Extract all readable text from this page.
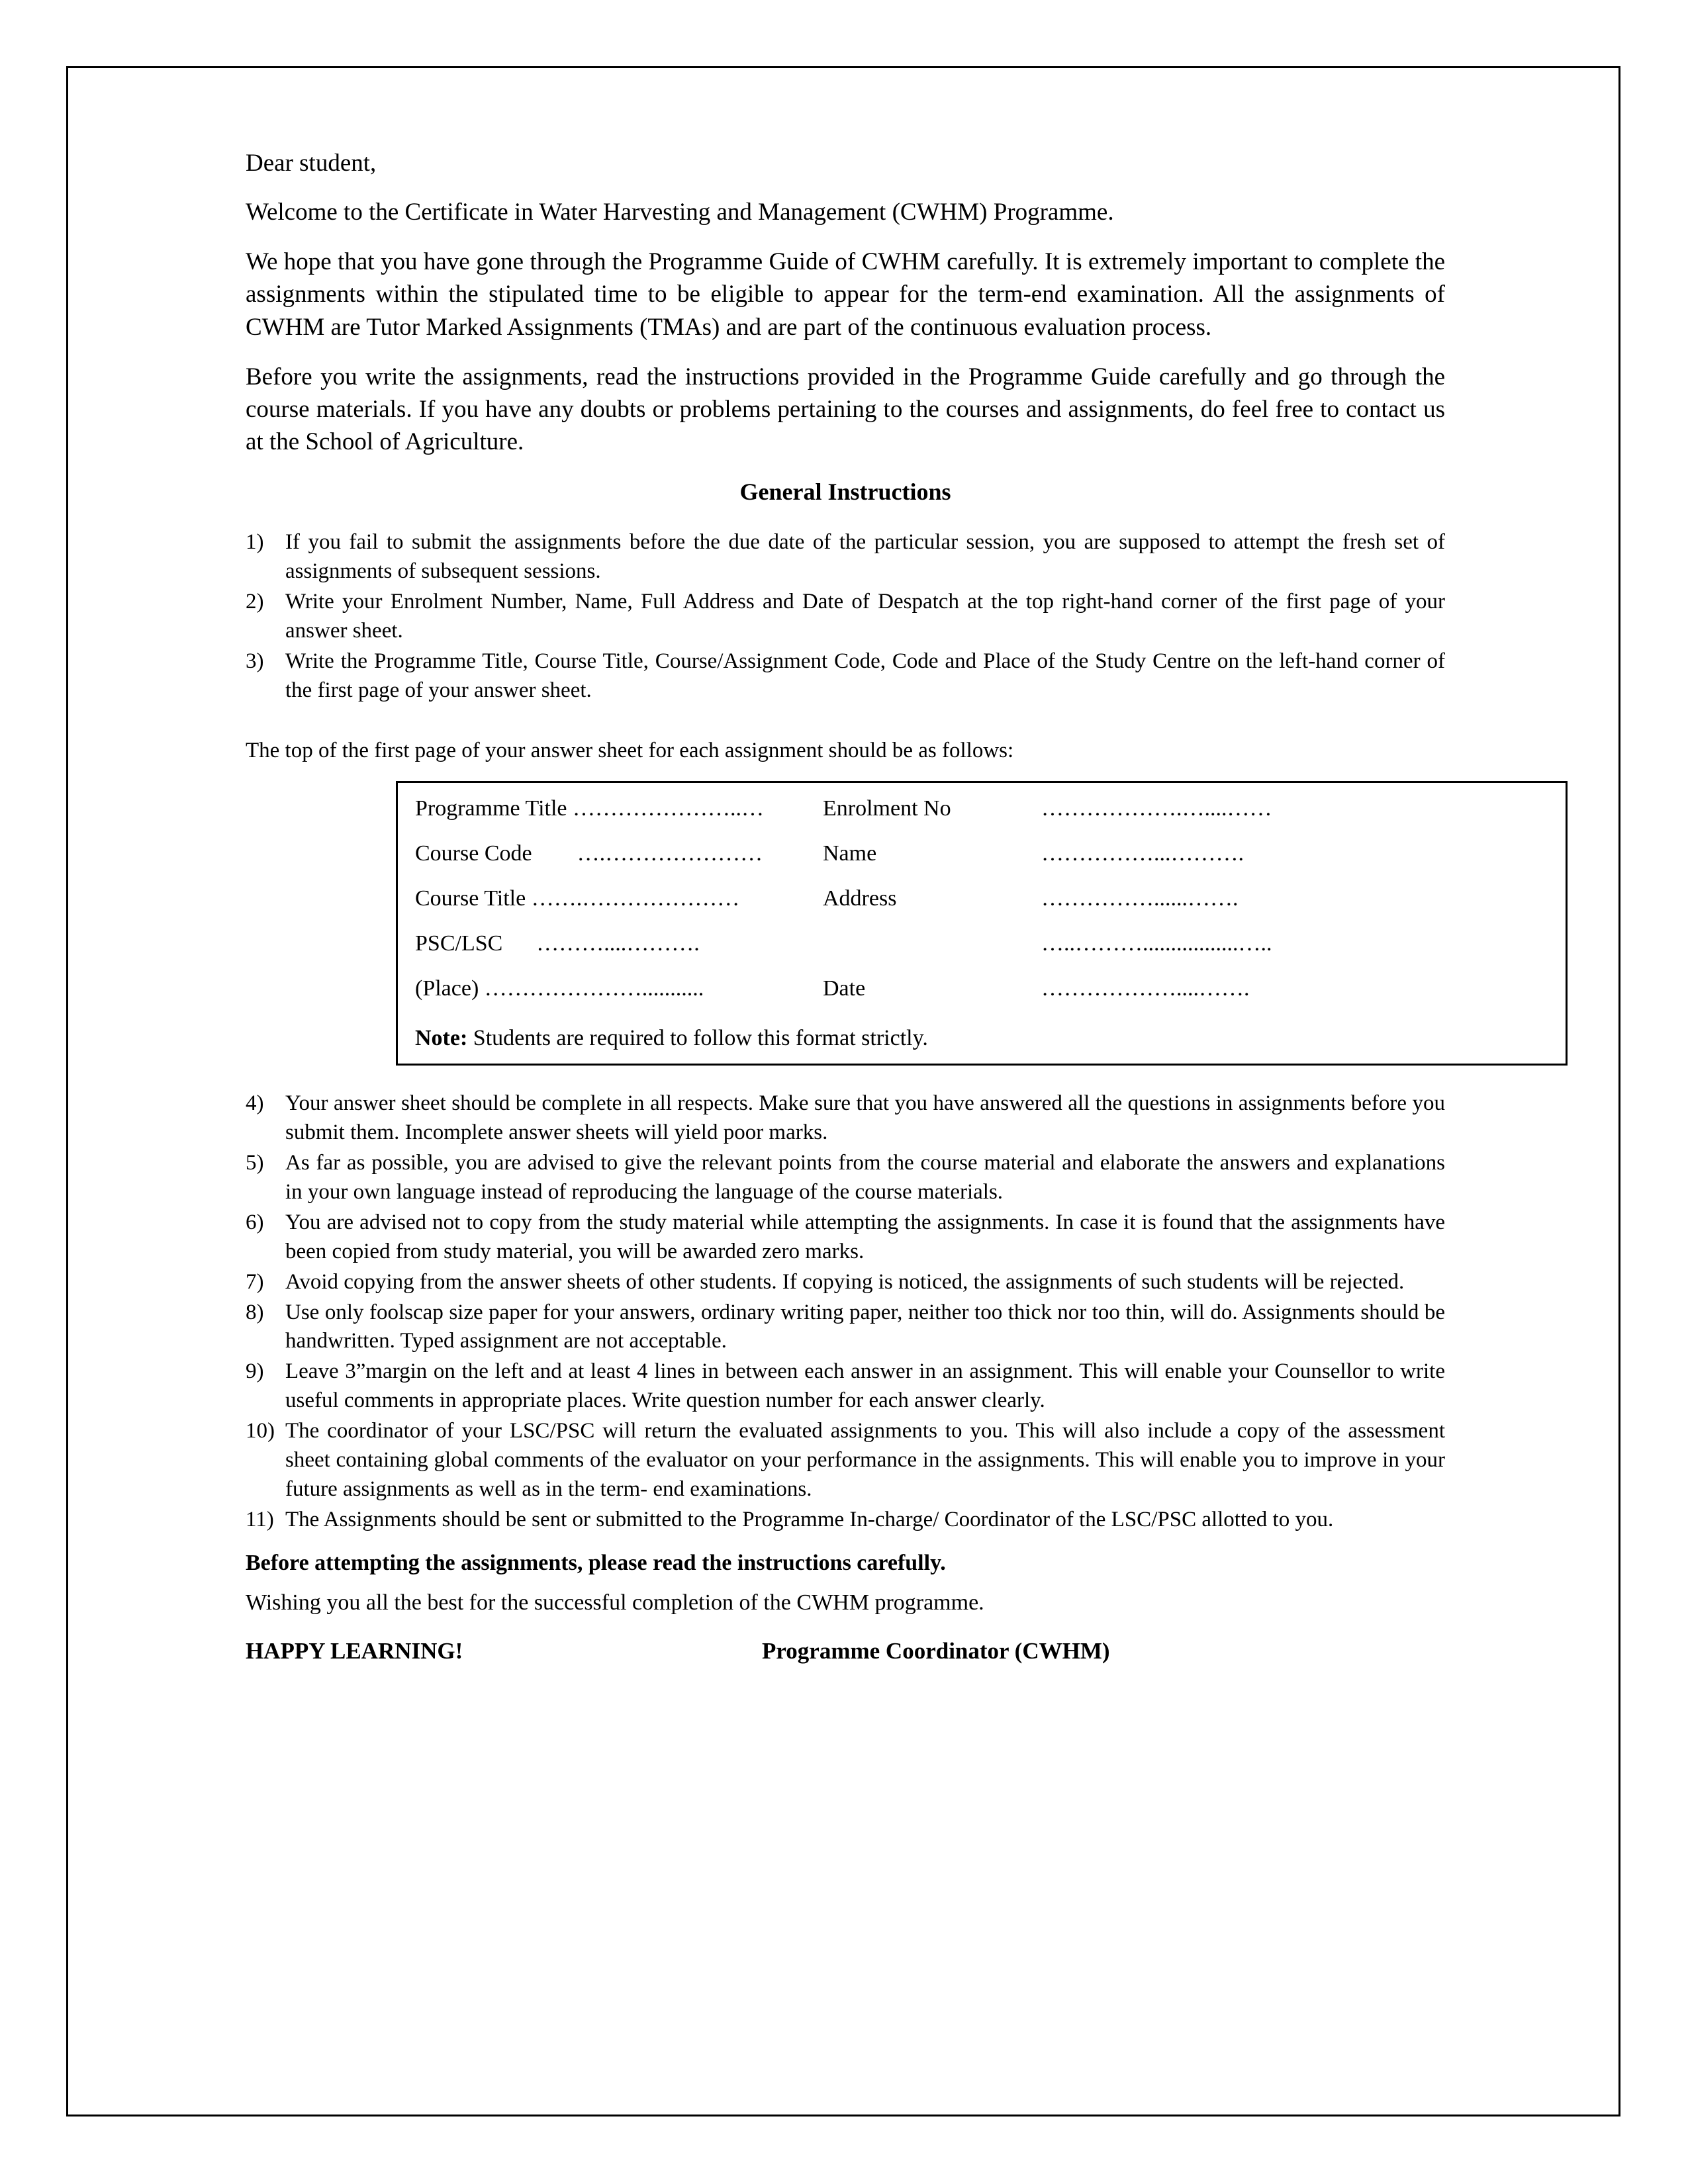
Dear student,

Welcome to the Certificate in Water Harvesting and Management (CWHM) Programme.

We hope that you have gone through the Programme Guide of CWHM carefully. It is extremely important to complete the assignments within the stipulated time to be eligible to appear for the term-end examination. All the assignments of CWHM are Tutor Marked Assignments (TMAs) and are part of the continuous evaluation process.

Before you write the assignments, read the instructions provided in the Programme Guide carefully and go through the course materials. If you have any doubts or problems pertaining to the courses and assignments, do feel free to contact us at the School of Agriculture.

General Instructions
1) If you fail to submit the assignments before the due date of the particular session, you are supposed to attempt the fresh set of assignments of subsequent sessions.
2) Write your Enrolment Number, Name, Full Address and Date of Despatch at the top right-hand corner of the first page of your answer sheet.
3) Write the Programme Title, Course Title, Course/Assignment Code, Code and Place of the Study Centre on the left-hand corner of the first page of your answer sheet.

The top of the first page of your answer sheet for each assignment should be as follows:

Programme Title …………………..…	Enrolment No	……………….…....……
Course Code        ….…………………	Name	……………...……….
Course Title …….…………………	Address	……………......…….
PSC/LSC      ………....……….	…..……….................…..
(Place) …………………...........	Date	………………....…….
Note: Students are required to follow this format strictly.
4) Your answer sheet should be complete in all respects. Make sure that you have answered all the questions in assignments before you submit them. Incomplete answer sheets will yield poor marks.
5) As far as possible, you are advised to give the relevant points from the course material and elaborate the answers and explanations in your own language instead of reproducing the language of the course materials.
6) You are advised not to copy from the study material while attempting the assignments. In case it is found that the assignments have been copied from study material, you will be awarded zero marks.
7) Avoid copying from the answer sheets of other students. If copying is noticed, the assignments of such students will be rejected.
8) Use only foolscap size paper for your answers, ordinary writing paper, neither too thick nor too thin, will do. Assignments should be handwritten. Typed assignment are not acceptable.
9) Leave 3”margin on the left and at least 4 lines in between each answer in an assignment. This will enable your Counsellor to write useful comments in appropriate places. Write question number for each answer clearly.
10) The coordinator of your LSC/PSC will return the evaluated assignments to you. This will also include a copy of the assessment sheet containing global comments of the evaluator on your performance in the assignments. This will enable you to improve in your future assignments as well as in the term- end examinations.
11) The Assignments should be sent or submitted to the Programme In-charge/ Coordinator of the LSC/PSC allotted to you.
Before attempting the assignments, please read the instructions carefully.
Wishing you all the best for the successful completion of the CWHM programme.
HAPPY LEARNING!	Programme Coordinator (CWHM)
